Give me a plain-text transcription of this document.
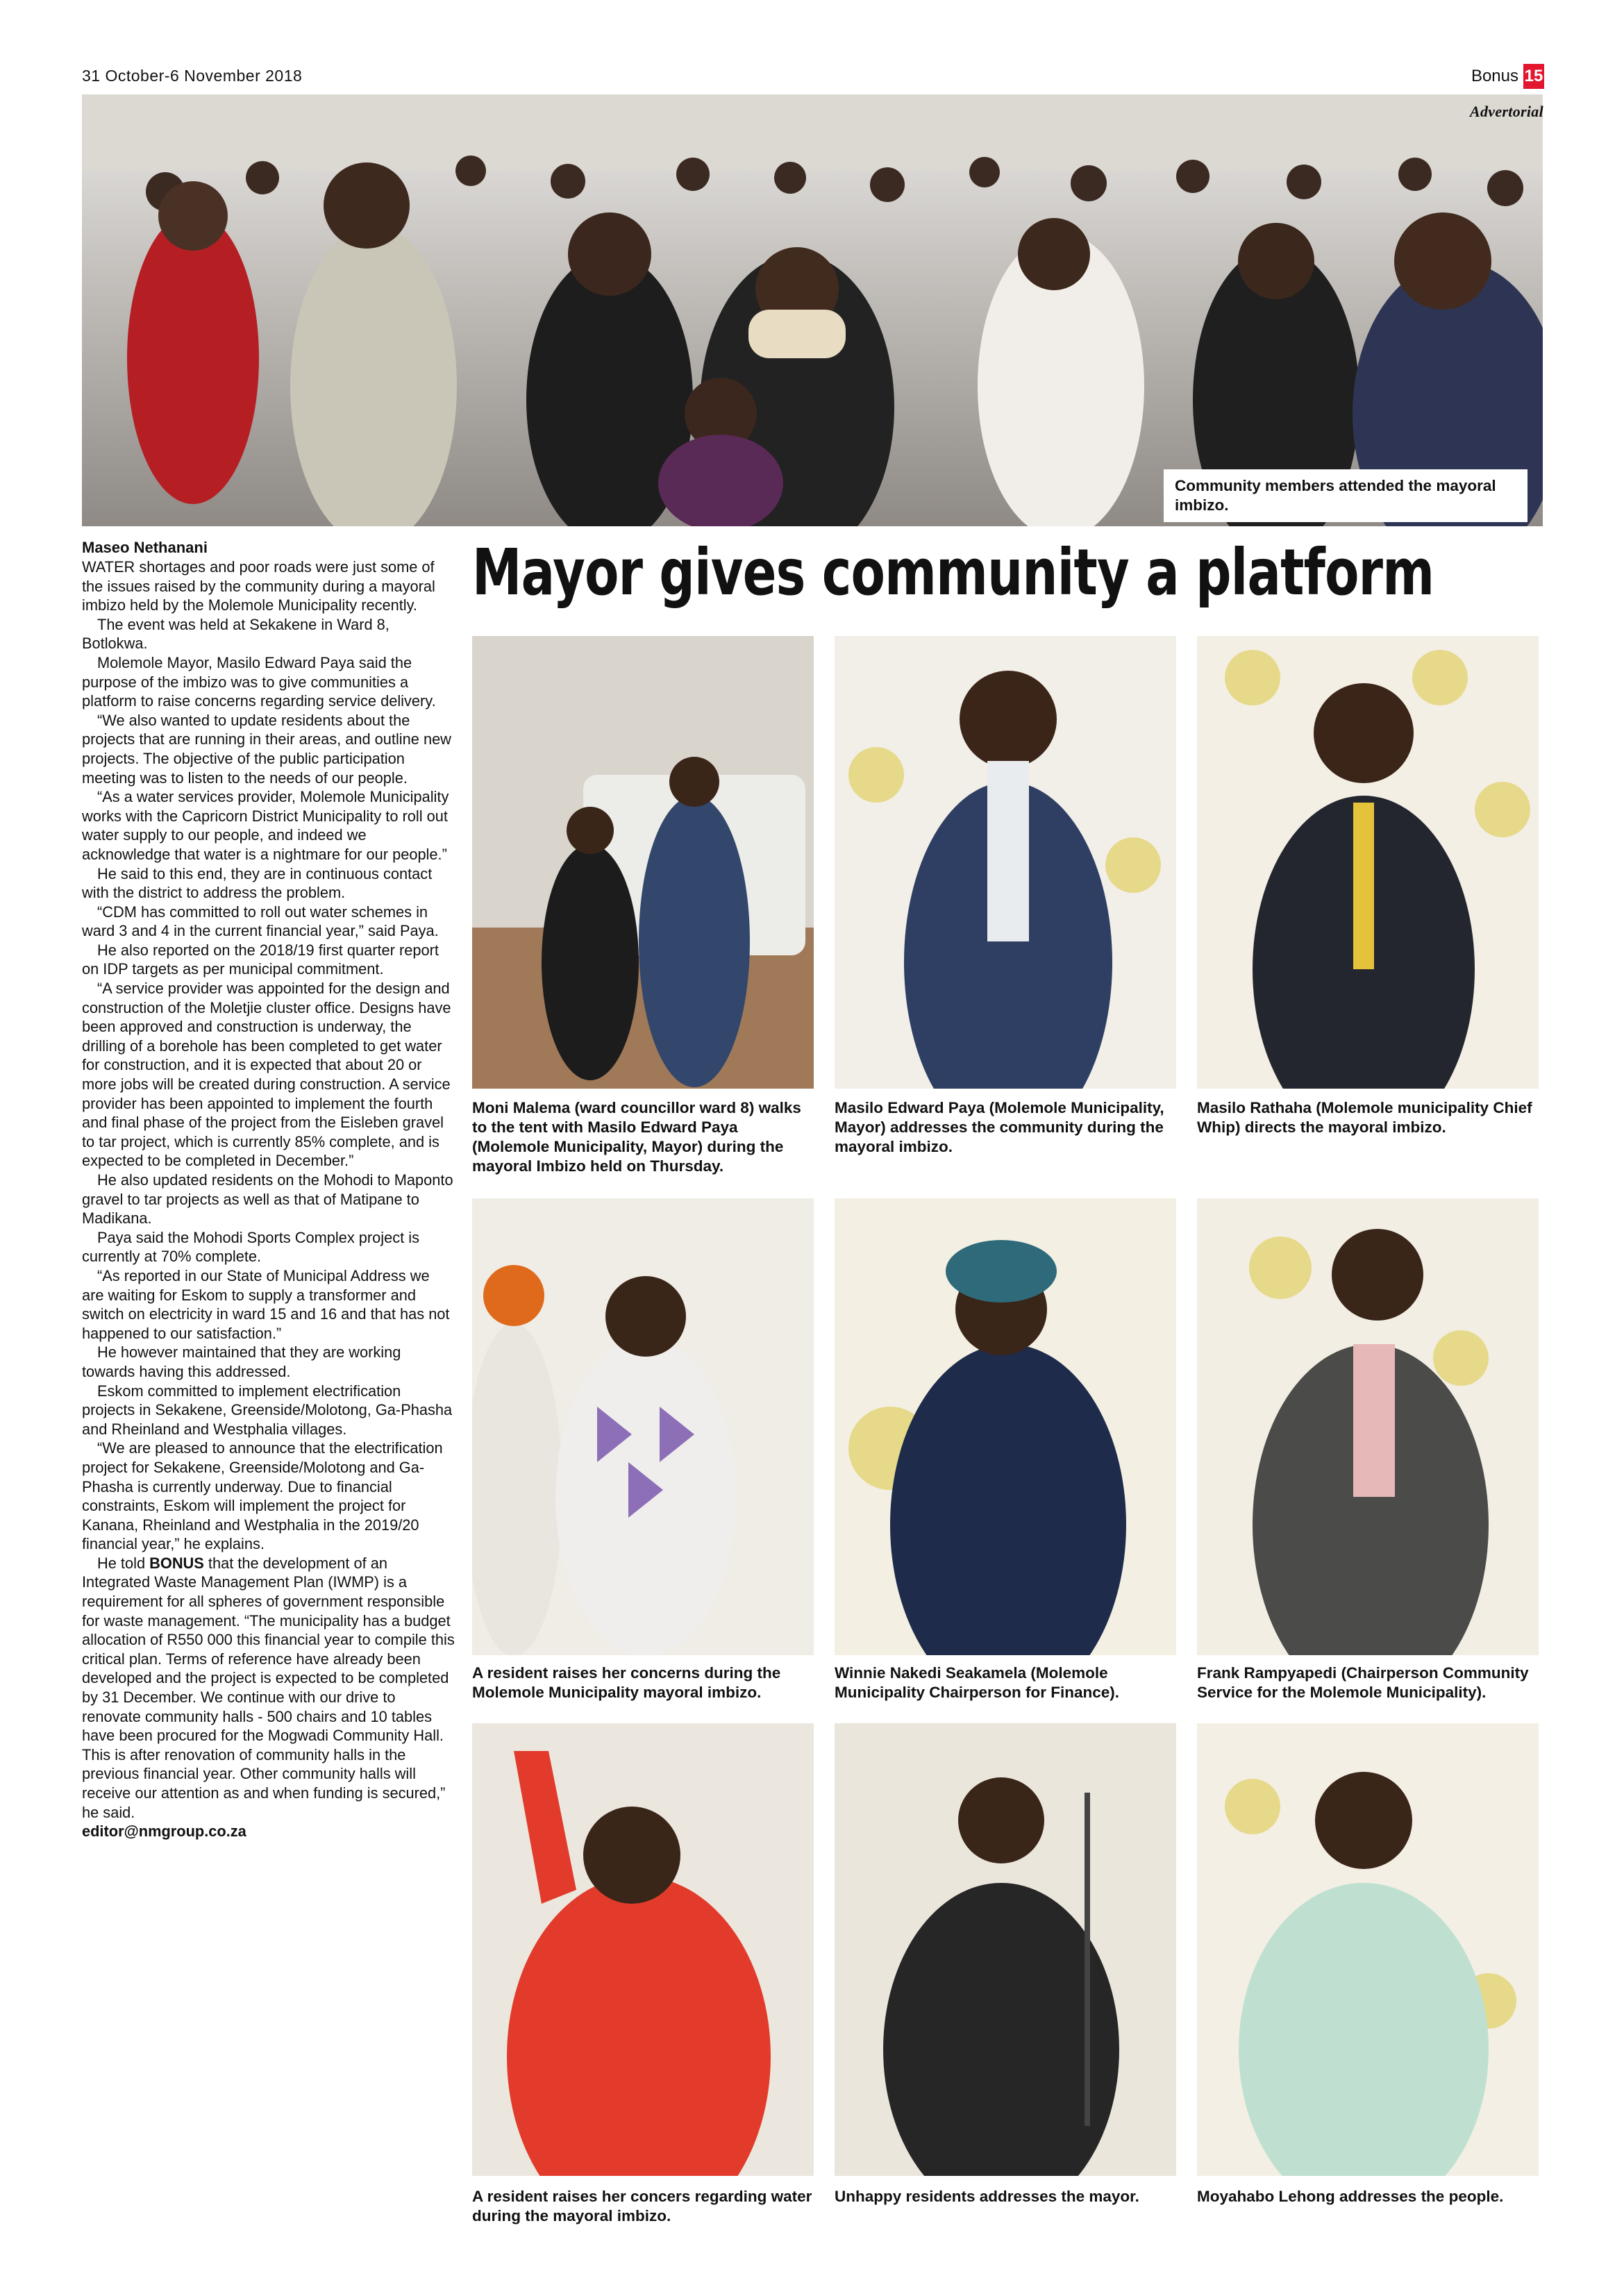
31 October-6 November 2018	Bonus 15
Community members attended the mayoral imbizo.
Advertorial
Maseo Nethanani

WATER shortages and poor roads were just some of the issues raised by the community during a mayoral imbizo held by the Molemole Municipality recently.

The event was held at Sekakene in Ward 8, Botlokwa.

Molemole Mayor, Masilo Edward Paya said the purpose of the imbizo was to give communities a platform to raise concerns regarding service delivery.

“We also wanted to update residents about the projects that are running in their areas, and outline new projects. The objective of the public participation meeting was to listen to the needs of our people.

“As a water services provider, Molemole Municipality works with the Capricorn District Municipality to roll out water supply to our people, and indeed we acknowledge that water is a nightmare for our people.”

He said to this end, they are in continuous contact with the district to address the problem.

“CDM has committed to roll out water schemes in ward 3 and 4 in the current financial year,” said Paya.

He also reported on the 2018/19 first quarter report on IDP targets as per municipal commitment.

“A service provider was appointed for the design and construction of the Moletjie cluster office. Designs have been approved and construction is underway, the drilling of a borehole has been completed to get water for construction, and it is expected that about 20 or more jobs will be created during construction. A service provider has been appointed to implement the fourth and final phase of the project from the Eisleben gravel to tar project, which is currently 85% complete, and is expected to be completed in December.”

He also updated residents on the Mohodi to Maponto gravel to tar projects as well as that of Matipane to Madikana.

Paya said the Mohodi Sports Complex project is currently at 70% complete.

“As reported in our State of Municipal Address we are waiting for Eskom to supply a transformer and switch on electricity in ward 15 and 16 and that has not happened to our satisfaction.”

He however maintained that they are working towards having this addressed.

Eskom committed to implement electrification projects in Sekakene, Greenside/Molotong, Ga-Phasha and Rheinland and Westphalia villages.

“We are pleased to announce that the electrification project for Sekakene, Greenside/Molotong and Ga-Phasha is currently underway. Due to financial constraints, Eskom will implement the project for Kanana, Rheinland and Westphalia in the 2019/20 financial year,” he explains.

He told BONUS that the development of an Integrated Waste Management Plan (IWMP) is a requirement for all spheres of government responsible for waste management. “The municipality has a budget allocation of R550 000 this financial year to compile this critical plan. Terms of reference have already been developed and the project is expected to be completed by 31 December. We continue with our drive to renovate community halls - 500 chairs and 10 tables have been procured for the Mogwadi Community Hall. This is after renovation of community halls in the previous financial year. Other community halls will receive our attention as and when funding is secured,” he said.

editor@nmgroup.co.za

Mayor gives community a platform
Moni Malema (ward councillor ward 8) walks to the tent with Masilo Edward Paya (Molemole Municipality, Mayor) during the mayoral Imbizo held on Thursday.
Masilo Edward Paya (Molemole Municipality, Mayor) addresses the community during the mayoral imbizo.
Masilo Rathaha (Molemole municipality Chief Whip) directs the mayoral imbizo.
A resident raises her concerns during the Molemole Municipality mayoral imbizo.
Winnie Nakedi Seakamela (Molemole Municipality Chairperson for Finance).
Frank Rampyapedi (Chairperson Community Service for the Molemole Municipality).
A resident raises her concers regarding water during the mayoral imbizo.
Unhappy residents addresses the mayor.	Moyahabo Lehong addresses the people.
